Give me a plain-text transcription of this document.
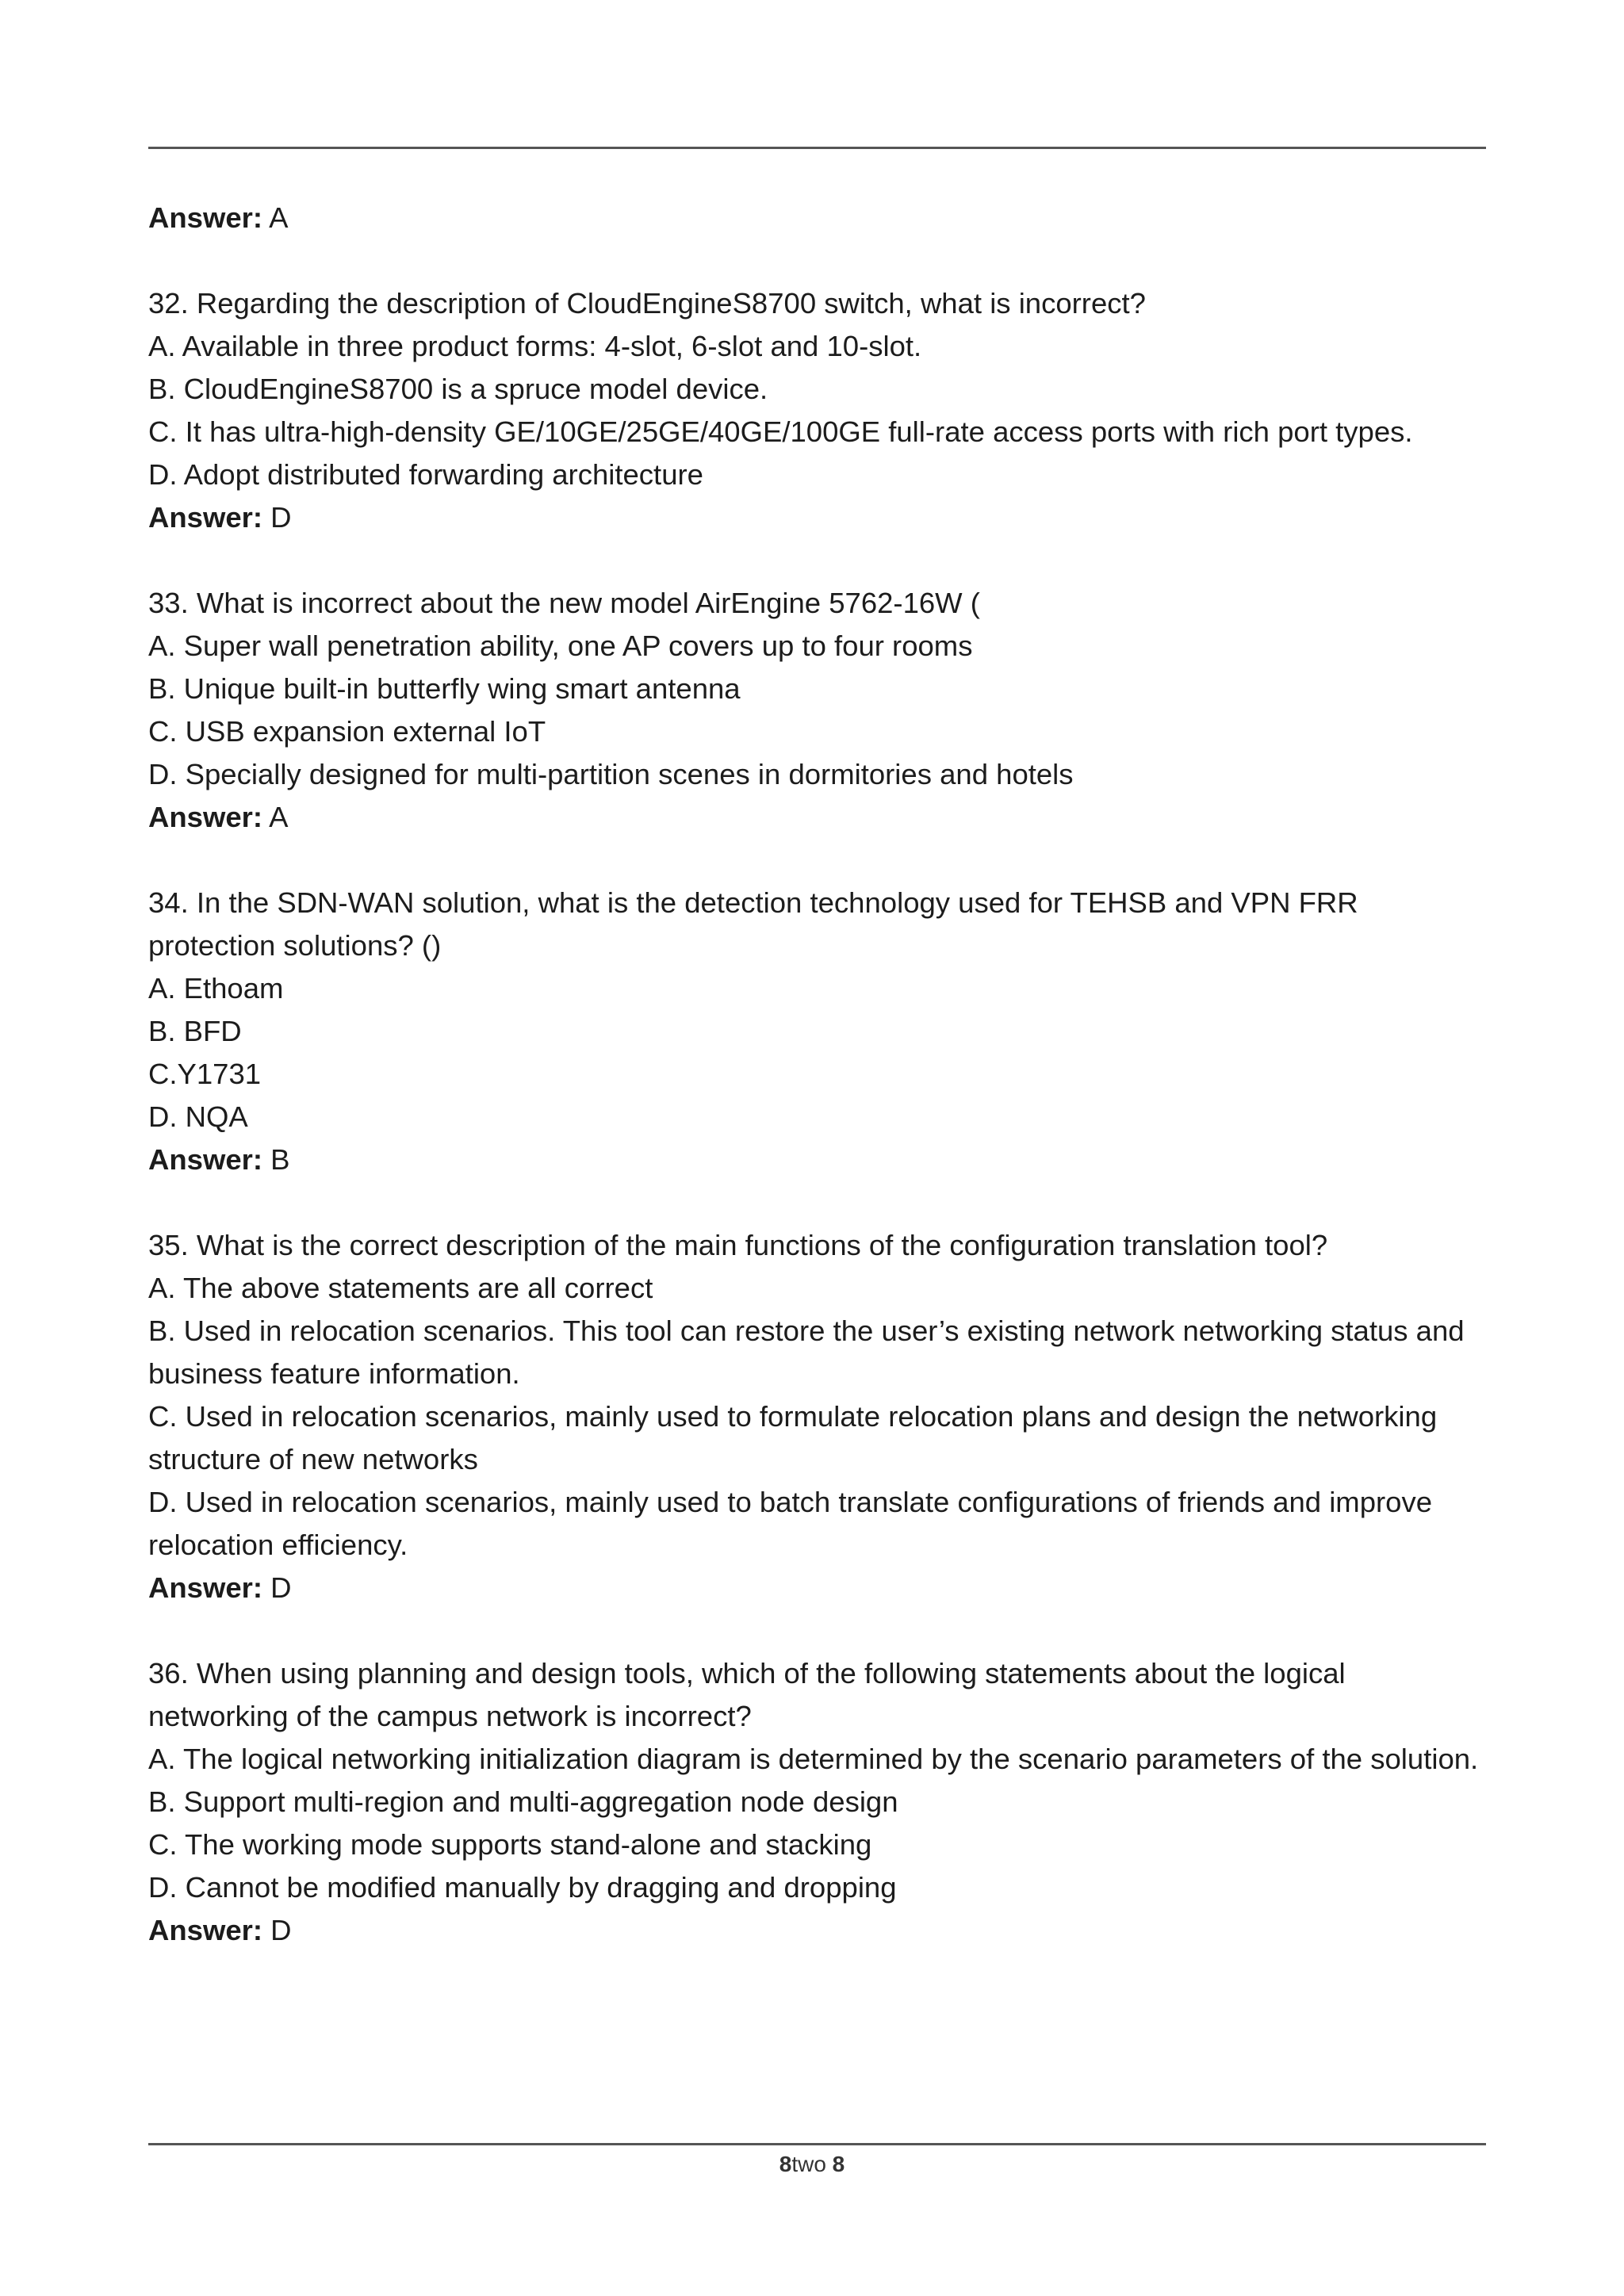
Answer: A

32. Regarding the description of CloudEngineS8700 switch, what is incorrect?

A. Available in three product forms: 4-slot, 6-slot and 10-slot.

B. CloudEngineS8700 is a spruce model device.

C. It has ultra-high-density GE/10GE/25GE/40GE/100GE full-rate access ports with rich port types.

D. Adopt distributed forwarding architecture

Answer: D

33. What is incorrect about the new model AirEngine 5762-16W (

A. Super wall penetration ability, one AP covers up to four rooms

B. Unique built-in butterfly wing smart antenna

C. USB expansion external IoT

D. Specially designed for multi-partition scenes in dormitories and hotels

Answer: A

34. In the SDN-WAN solution, what is the detection technology used for TEHSB and VPN FRR protection solutions? ()

A. Ethoam

B. BFD

C.Y1731

D. NQA

Answer: B

35. What is the correct description of the main functions of the configuration translation tool?

A. The above statements are all correct

B. Used in relocation scenarios. This tool can restore the user’s existing network networking status and business feature information.

C. Used in relocation scenarios, mainly used to formulate relocation plans and design the networking structure of new networks

D. Used in relocation scenarios, mainly used to batch translate configurations of friends and improve relocation efficiency.

Answer: D

36. When using planning and design tools, which of the following statements about the logical networking of the campus network is incorrect?

A. The logical networking initialization diagram is determined by the scenario parameters of the solution.

B. Support multi-region and multi-aggregation node design

C. The working mode supports stand-alone and stacking

D. Cannot be modified manually by dragging and dropping

Answer: D

8two 8
